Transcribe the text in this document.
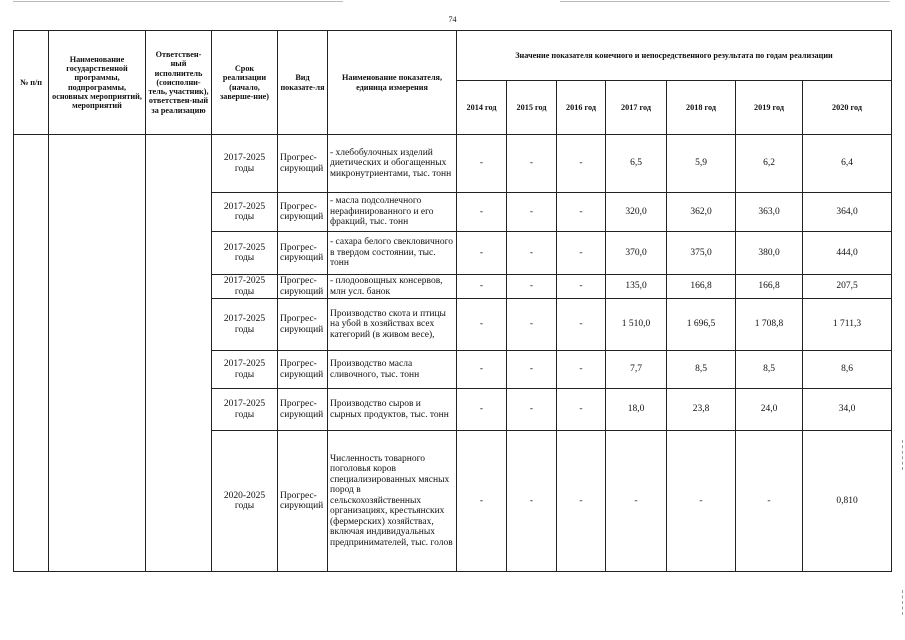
74
№ п/п	Наименование государственной программы, подпрограммы, основных мероприятий, мероприятий	Ответствен-ный исполнитель (соисполни-тель, участник), ответствен-ный за реализацию	Срок реализации (начало, заверше-ние)	Вид показате-ля	Наименование показателя, единица измерения	Значение показателя конечного и непосредственного результата по годам реализации						
						2014 год	2015 год	2016 год	2017 год	2018 год	2019 год	2020 год
			2017-2025 годы	Прогрес-сирующий	- хлебобулочных изделий диетических и обогащенных микронутриентами, тыс. тонн	-	-	-	6,5	5,9	6,2	6,4
			2017-2025 годы	Прогрес-сирующий	- масла подсолнечного нерафинированного и его фракций, тыс. тонн	-	-	-	320,0	362,0	363,0	364,0
			2017-2025 годы	Прогрес-сирующий	- сахара белого свекловичного в твердом состоянии, тыс. тонн	-	-	-	370,0	375,0	380,0	444,0
			2017-2025 годы	Прогрес-сирующий	- плодоовощных консервов, млн усл. банок	-	-	-	135,0	166,8	166,8	207,5
			2017-2025 годы	Прогрес-сирующий	Производство скота и птицы на убой в хозяйствах всех категорий (в живом весе),	-	-	-	1 510,0	1 696,5	1 708,8	1 711,3
			2017-2025 годы	Прогрес-сирующий	Производство масла сливочного, тыс. тонн	-	-	-	7,7	8,5	8,5	8,6
			2017-2025 годы	Прогрес-сирующий	Производство сыров и сырных продуктов, тыс. тонн	-	-	-	18,0	23,8	24,0	34,0
			2020-2025 годы	Прогрес-сирующий	Численность товарного поголовья коров специализированных мясных пород в сельскохозяйственных организациях, крестьянских (фермерских) хозяйствах, включая индивидуальных предпринимателей, тыс. голов	-	-	-	-	-	-	0,810
